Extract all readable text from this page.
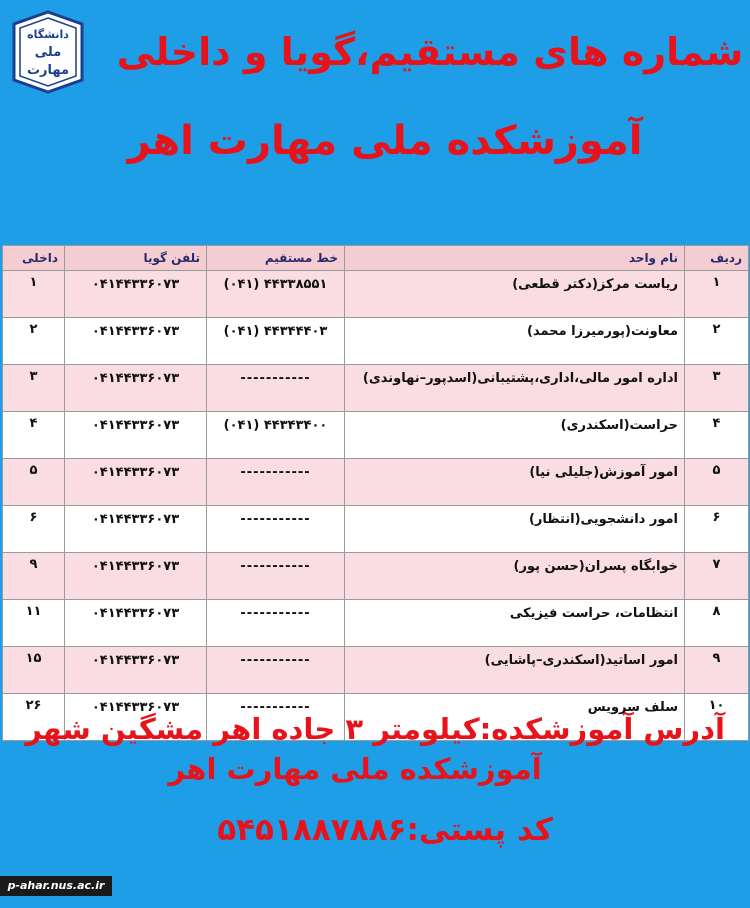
دانشگاه
ملی
مهارت	شماره های مستقیم،گویا و داخلی
آموزشکده ملی مهارت اهر
ردیف	نام واحد	خط مستقیم	تلفن گویا	داخلی
۱	ریاست مرکز(دکتر قطعی)	(۰۴۱) ۴۴۳۳۸۵۵۱	۰۴۱۴۴۳۳۶۰۷۳	۱
۲	معاونت(پورمیرزا محمد)	(۰۴۱) ۴۴۳۴۴۴۰۳	۰۴۱۴۴۳۳۶۰۷۳	۲
۳	اداره امور مالی،اداری،پشتیبانی(اسدپور–نهاوندی)	-----------	۰۴۱۴۴۳۳۶۰۷۳	۳
۴	حراست(اسکندری)	(۰۴۱) ۴۴۳۴۳۴۰۰	۰۴۱۴۴۳۳۶۰۷۳	۴
۵	امور آموزش(جلیلی نیا)	-----------	۰۴۱۴۴۳۳۶۰۷۳	۵
۶	امور دانشجویی(انتظار)	-----------	۰۴۱۴۴۳۳۶۰۷۳	۶
۷	خوابگاه پسران(حسن پور)	-----------	۰۴۱۴۴۳۳۶۰۷۳	۹
۸	انتظامات، حراست فیزیکی	-----------	۰۴۱۴۴۳۳۶۰۷۳	۱۱
۹	امور اساتید(اسکندری–پاشایی)	-----------	۰۴۱۴۴۳۳۶۰۷۳	۱۵
۱۰	سلف سرویس	-----------	۰۴۱۴۴۳۳۶۰۷۳	۲۶
آدرس آموزشکده:کیلومتر ۳ جاده اهر مشگین شهر
آموزشکده ملی مهارت اهر
کد پستی:۵۴۵۱۸۸۷۸۸۶
p-ahar.nus.ac.ir
